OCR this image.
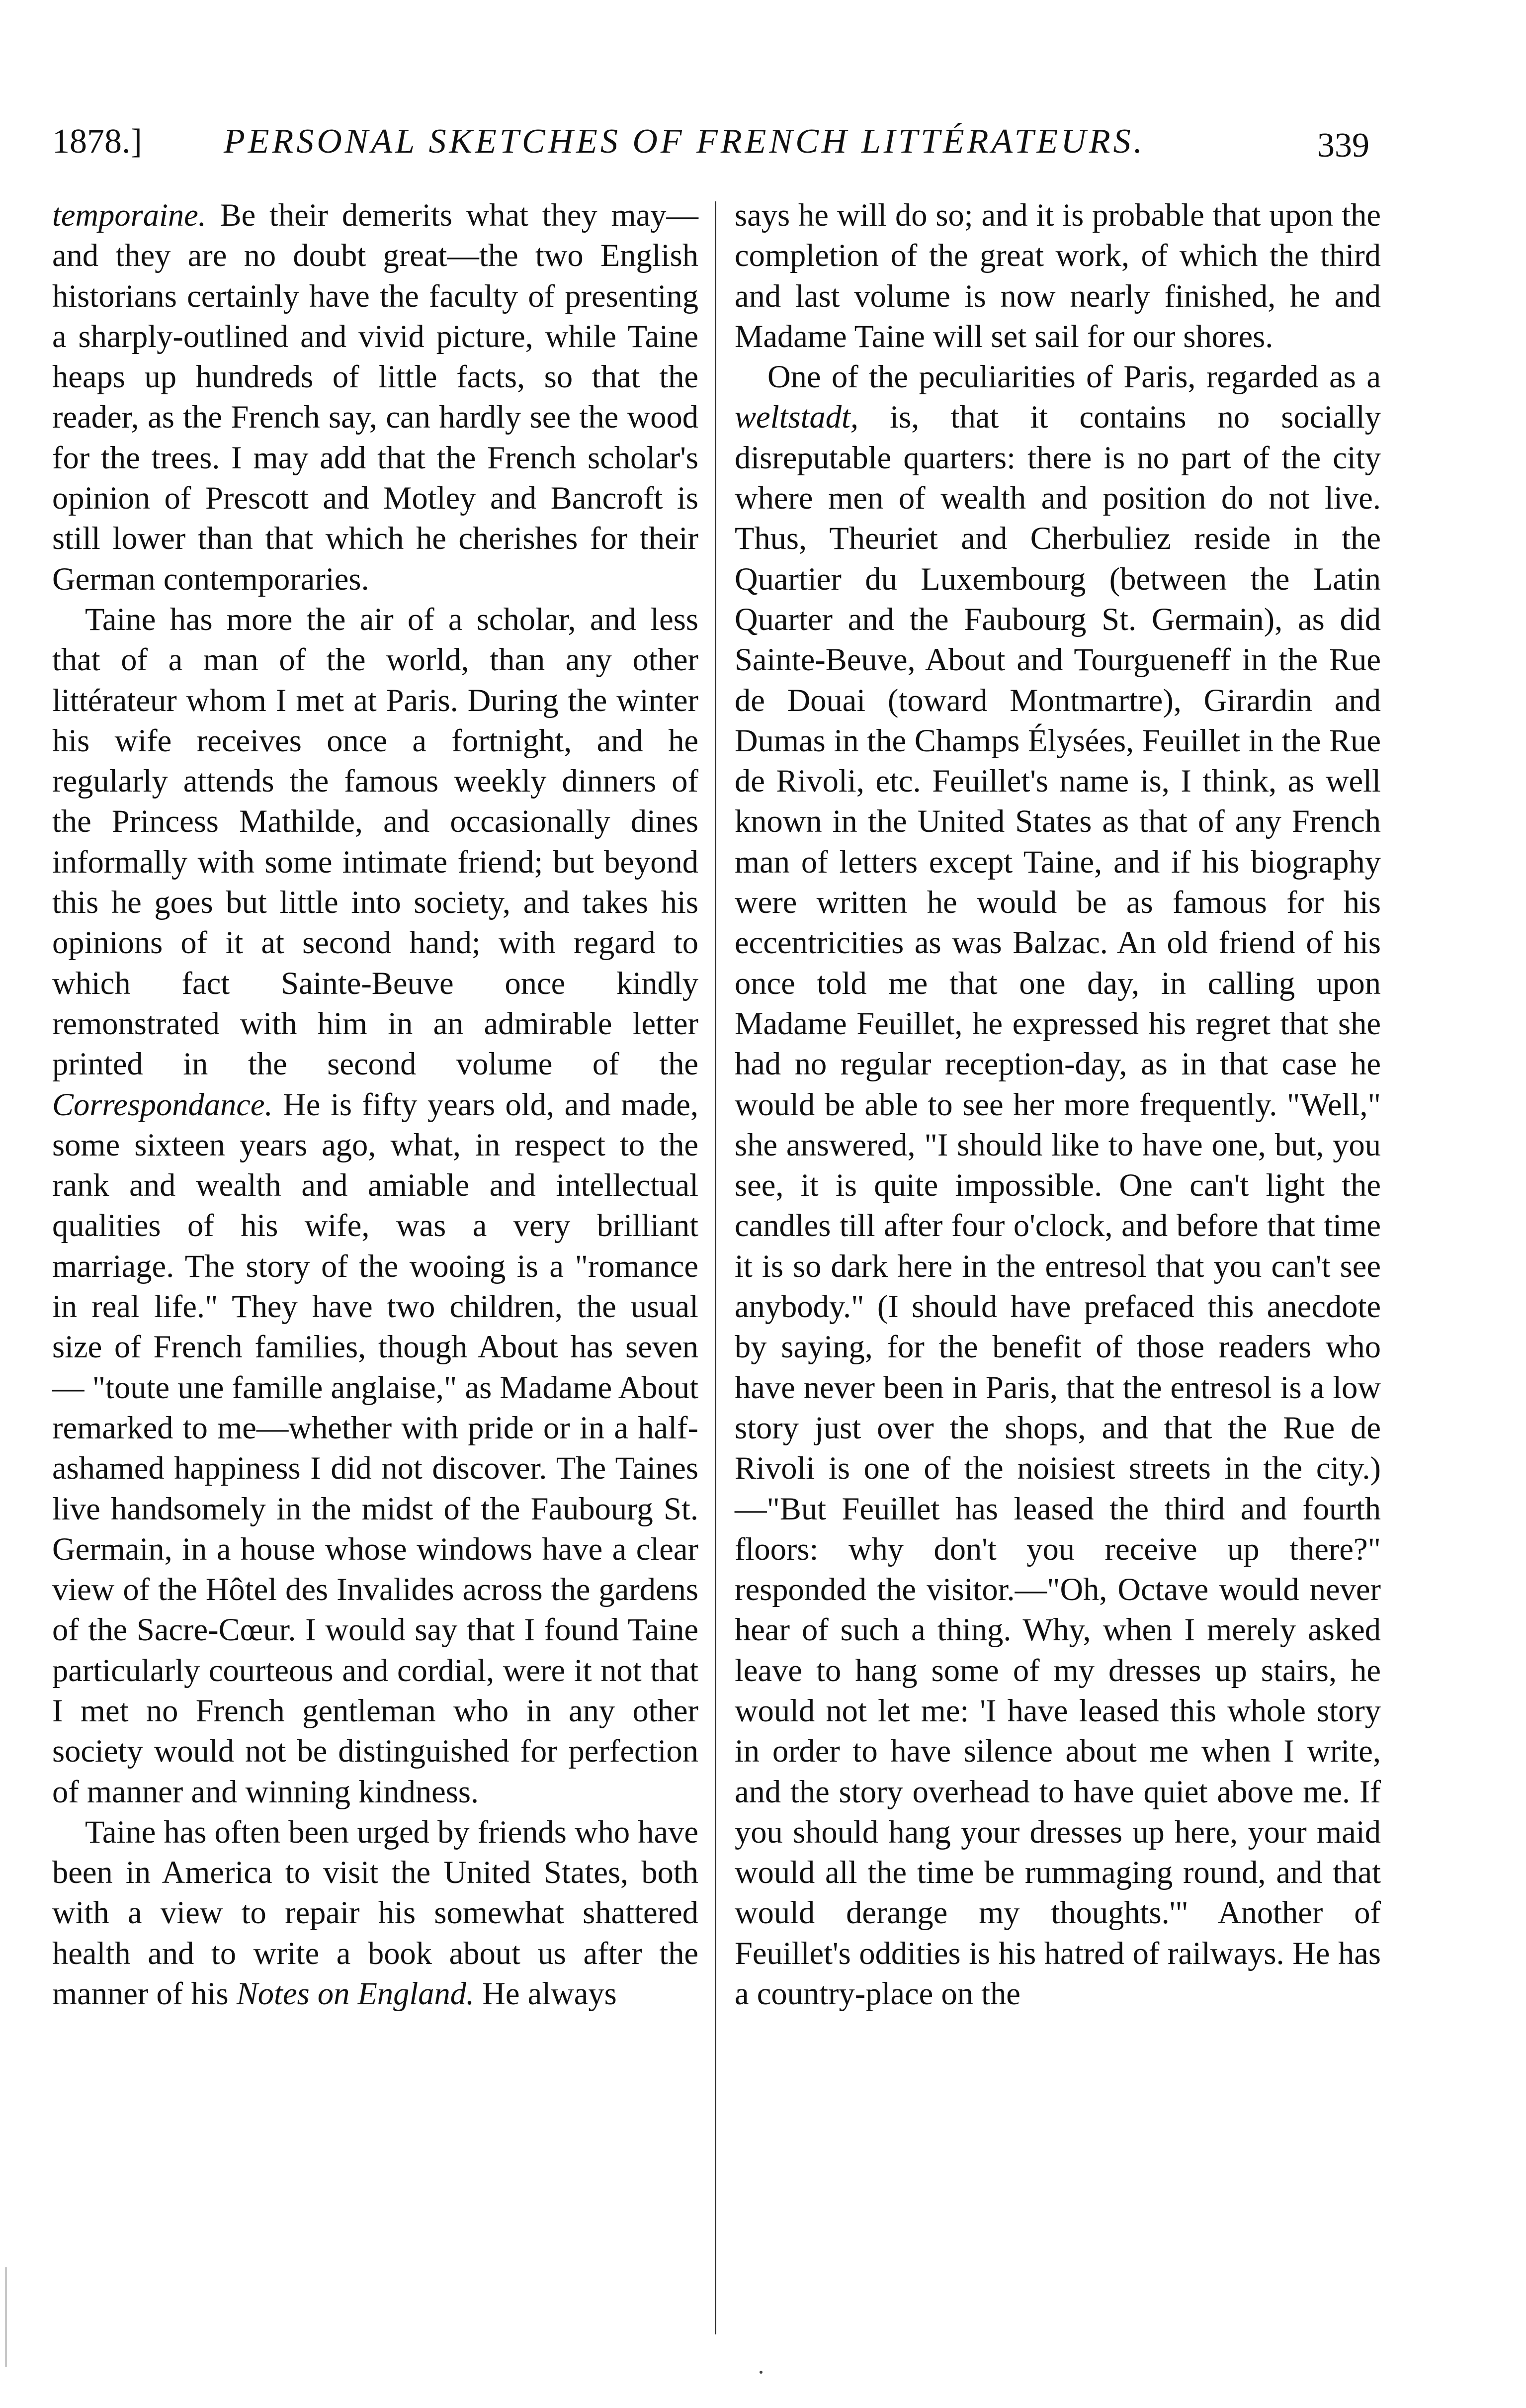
1878.] PERSONAL SKETCHES OF FRENCH LITTÉRATEURS.	339

temporaine. Be their demerits what they may—and they are no doubt great—the two English historians certainly have the faculty of presenting a sharply-outlined and vivid picture, while Taine heaps up hundreds of little facts, so that the reader, as the French say, can hardly see the wood for the trees. I may add that the French scholar's opinion of Prescott and Motley and Bancroft is still lower than that which he cherishes for their German contemporaries.

Taine has more the air of a scholar, and less that of a man of the world, than any other littérateur whom I met at Paris. During the winter his wife receives once a fortnight, and he regularly attends the famous weekly dinners of the Princess Mathilde, and occasionally dines informally with some intimate friend; but beyond this he goes but little into society, and takes his opinions of it at second hand; with regard to which fact Sainte-Beuve once kindly remonstrated with him in an admirable letter printed in the second volume of the Correspondance. He is fifty years old, and made, some sixteen years ago, what, in respect to the rank and wealth and amiable and intellectual qualities of his wife, was a very brilliant marriage. The story of the wooing is a "romance in real life." They have two children, the usual size of French families, though About has seven — "toute une famille anglaise," as Madame About remarked to me—whether with pride or in a half-ashamed happiness I did not discover. The Taines live handsomely in the midst of the Faubourg St. Germain, in a house whose windows have a clear view of the Hôtel des Invalides across the gardens of the Sacre-Cœur. I would say that I found Taine particularly courteous and cordial, were it not that I met no French gentleman who in any other society would not be distinguished for perfection of manner and winning kindness.

Taine has often been urged by friends who have been in America to visit the United States, both with a view to repair his somewhat shattered health and to write a book about us after the manner of his Notes on England. He always

says he will do so; and it is probable that upon the completion of the great work, of which the third and last volume is now nearly finished, he and Madame Taine will set sail for our shores.

One of the peculiarities of Paris, regarded as a weltstadt, is, that it contains no socially disreputable quarters: there is no part of the city where men of wealth and position do not live. Thus, Theuriet and Cherbuliez reside in the Quartier du Luxembourg (between the Latin Quarter and the Faubourg St. Germain), as did Sainte-Beuve, About and Tourgueneff in the Rue de Douai (toward Montmartre), Girardin and Dumas in the Champs Élysées, Feuillet in the Rue de Rivoli, etc. Feuillet's name is, I think, as well known in the United States as that of any French man of letters except Taine, and if his biography were written he would be as famous for his eccentricities as was Balzac. An old friend of his once told me that one day, in calling upon Madame Feuillet, he expressed his regret that she had no regular reception-day, as in that case he would be able to see her more frequently. "Well," she answered, "I should like to have one, but, you see, it is quite impossible. One can't light the candles till after four o'clock, and before that time it is so dark here in the entresol that you can't see anybody." (I should have prefaced this anecdote by saying, for the benefit of those readers who have never been in Paris, that the entresol is a low story just over the shops, and that the Rue de Rivoli is one of the noisiest streets in the city.)—"But Feuillet has leased the third and fourth floors: why don't you receive up there?" responded the visitor.—"Oh, Octave would never hear of such a thing. Why, when I merely asked leave to hang some of my dresses up stairs, he would not let me: 'I have leased this whole story in order to have silence about me when I write, and the story overhead to have quiet above me. If you should hang your dresses up here, your maid would all the time be rummaging round, and that would derange my thoughts.'" Another of Feuillet's oddities is his hatred of railways. He has a country-place on the
